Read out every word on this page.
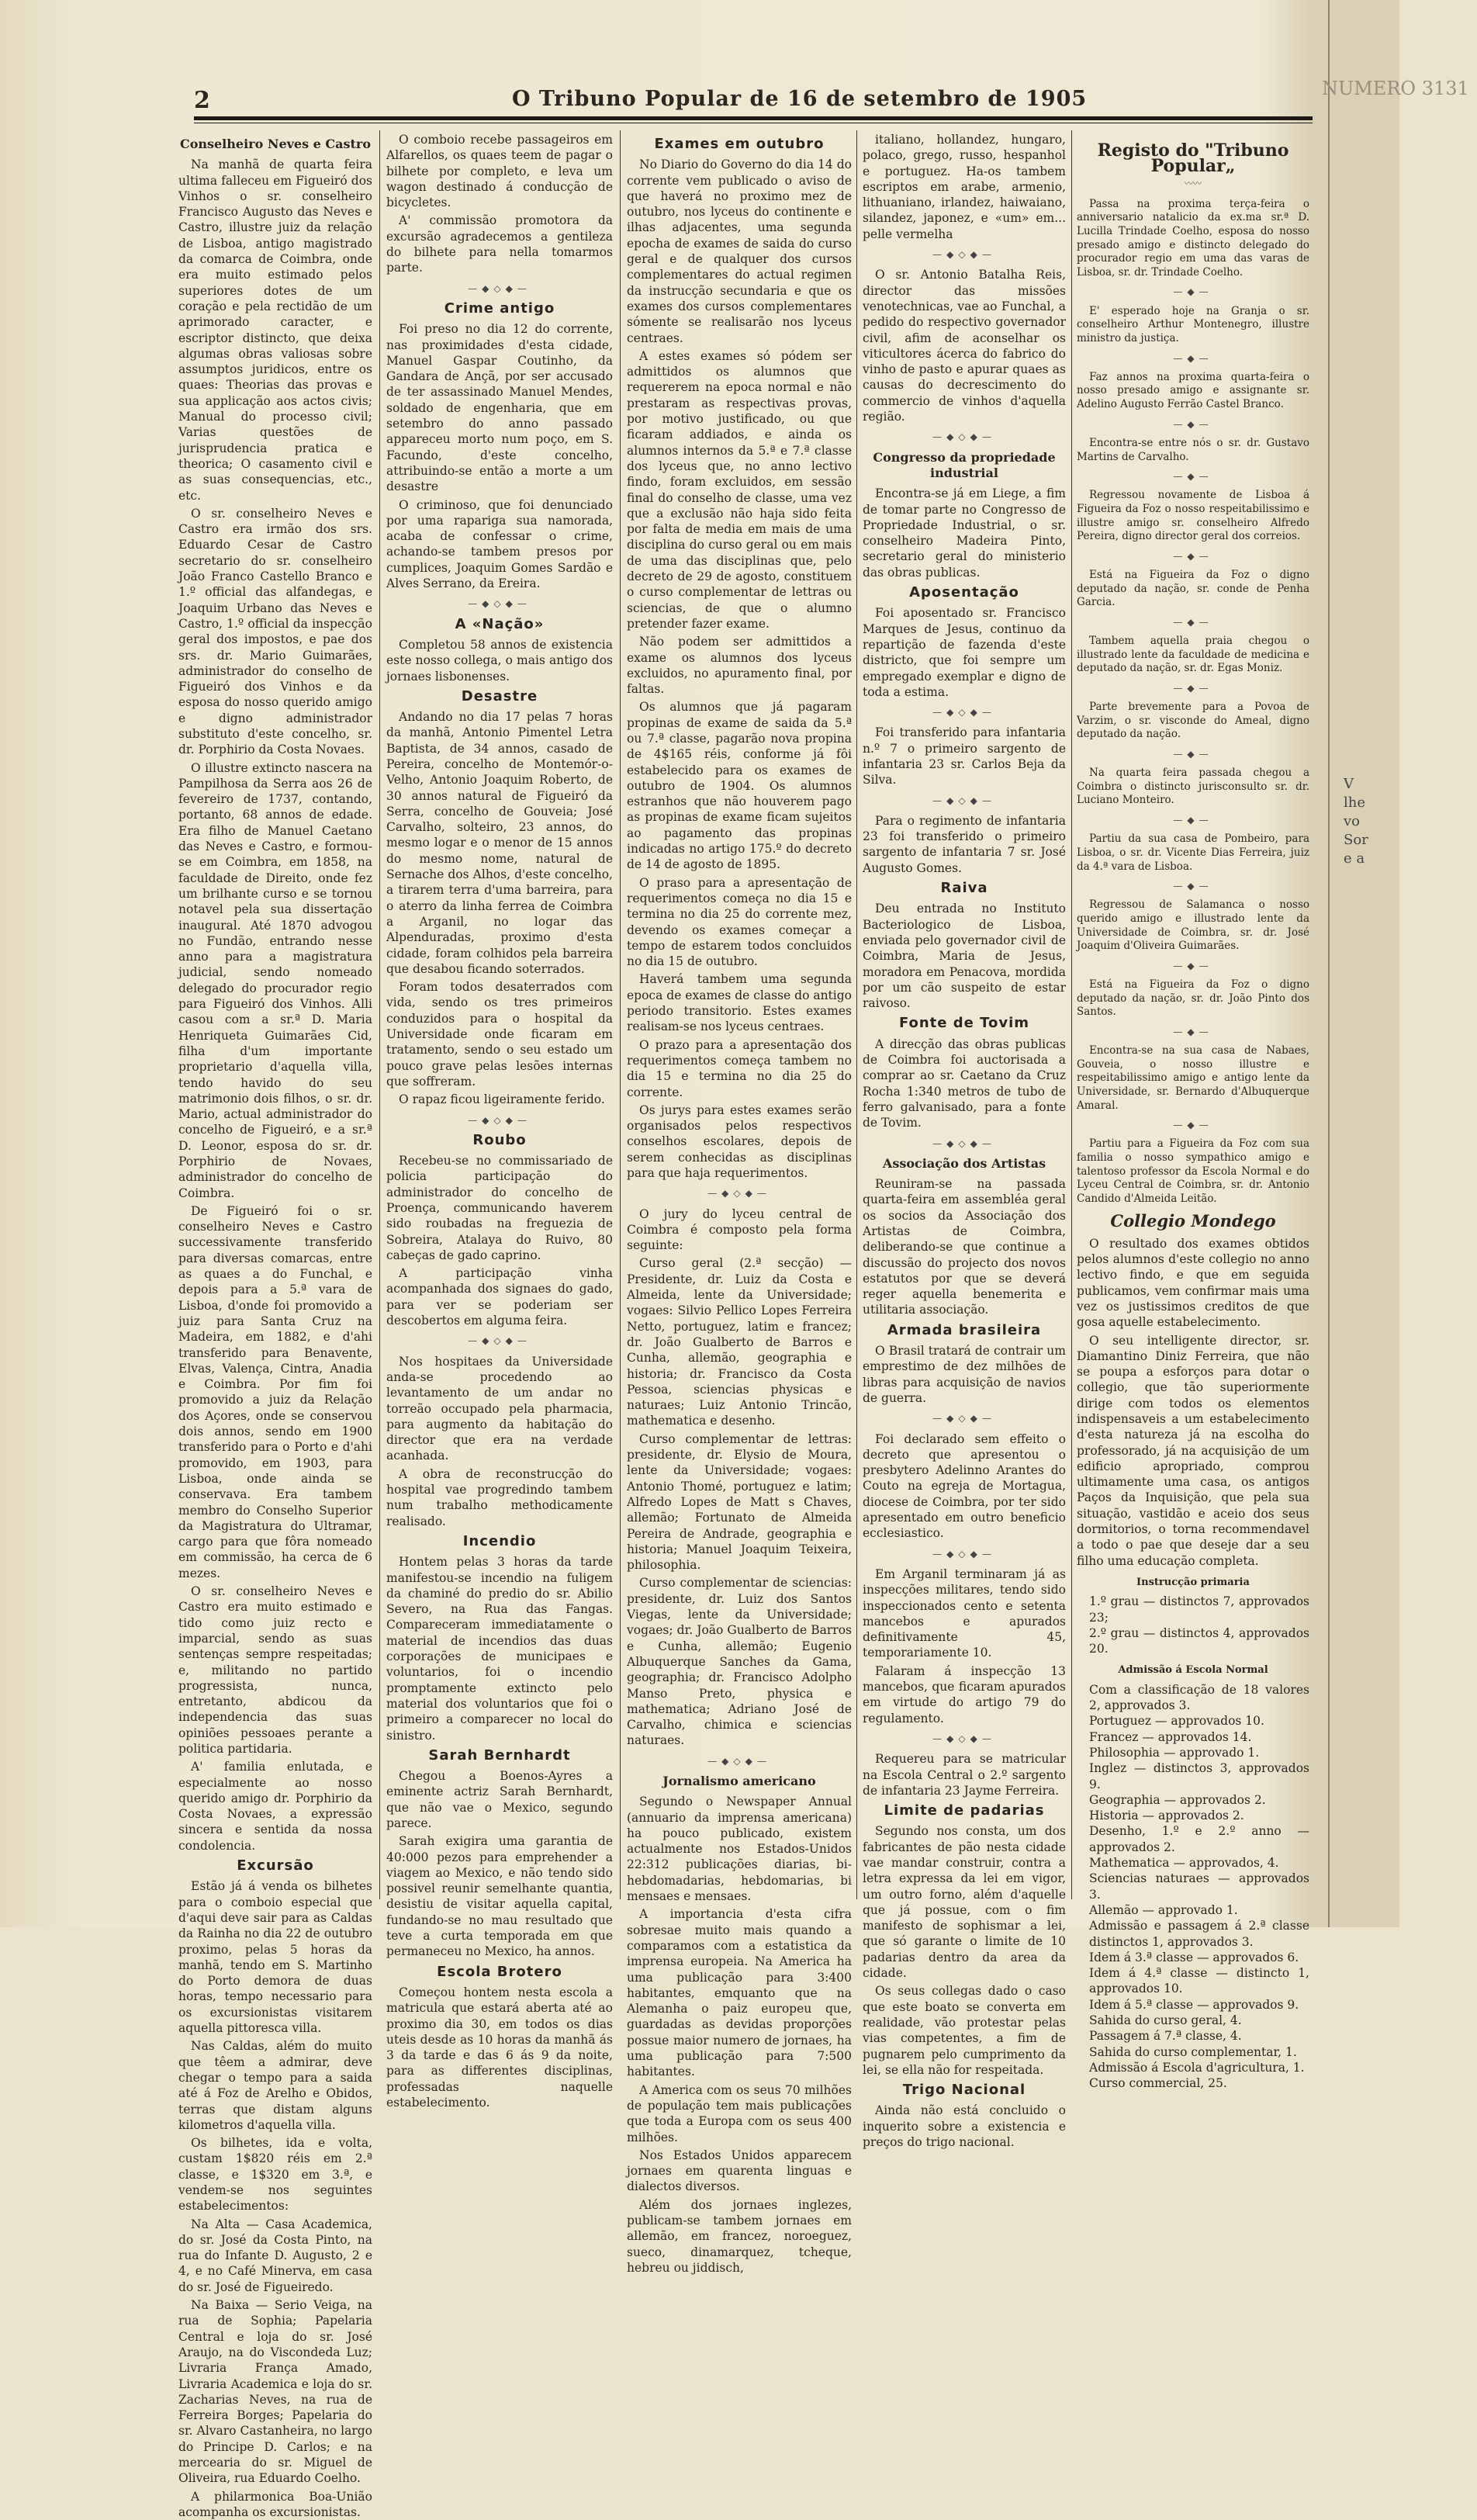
2	O Tribuno Popular de 16 de setembro de 1905
Conselheiro Neves e Castro

Na manhã de quarta feira ultima falleceu em Figueiró dos Vinhos o sr. conselheiro Francisco Augusto das Neves e Castro, illustre juiz da relação de Lisboa, antigo magistrado da comarca de Coimbra, onde era muito estimado pelos superiores dotes de um coração e pela rectidão de um aprimorado caracter, e escriptor distincto, que deixa algumas obras valiosas sobre assumptos juridicos, entre os quaes: Theorias das provas e sua applicação aos actos civis; Manual do processo civil; Varias questões de jurisprudencia pratica e theorica; O casamento civil e as suas consequencias, etc., etc.

O sr. conselheiro Neves e Castro era irmão dos srs. Eduardo Cesar de Castro secretario do sr. conselheiro João Franco Castello Branco e 1.º official das alfandegas, e Joaquim Urbano das Neves e Castro, 1.º official da inspecção geral dos impostos, e pae dos srs. dr. Mario Guimarães, administrador do conselho de Figueiró dos Vinhos e da esposa do nosso querido amigo e digno administrador substituto d'este concelho, sr. dr. Porphirio da Costa Novaes.

O illustre extincto nascera na Pampilhosa da Serra aos 26 de fevereiro de 1737, contando, portanto, 68 annos de edade. Era filho de Manuel Caetano das Neves e Castro, e formou-se em Coimbra, em 1858, na faculdade de Direito, onde fez um brilhante curso e se tornou notavel pela sua dissertação inaugural. Até 1870 advogou no Fundão, entrando nesse anno para a magistratura judicial, sendo nomeado delegado do procurador regio para Figueiró dos Vinhos. Alli casou com a sr.ª D. Maria Henriqueta Guimarães Cid, filha d'um importante proprietario d'aquella villa, tendo havido do seu matrimonio dois filhos, o sr. dr. Mario, actual administrador do concelho de Figueiró, e a sr.ª D. Leonor, esposa do sr. dr. Porphirio de Novaes, administrador do concelho de Coimbra.

De Figueiró foi o sr. conselheiro Neves e Castro successivamente transferido para diversas comarcas, entre as quaes a do Funchal, e depois para a 5.ª vara de Lisboa, d'onde foi promovido a juiz para Santa Cruz na Madeira, em 1882, e d'ahi transferido para Benavente, Elvas, Valença, Cintra, Anadia e Coimbra. Por fim foi promovido a juiz da Relação dos Açores, onde se conservou dois annos, sendo em 1900 transferido para o Porto e d'ahi promovido, em 1903, para Lisboa, onde ainda se conservava. Era tambem membro do Conselho Superior da Magistratura do Ultramar, cargo para que fôra nomeado em commissão, ha cerca de 6 mezes.

O sr. conselheiro Neves e Castro era muito estimado e tido como juiz recto e imparcial, sendo as suas sentenças sempre respeitadas; e, militando no partido progressista, nunca, entretanto, abdicou da independencia das suas opiniões pessoaes perante a politica partidaria.

A' familia enlutada, e especialmente ao nosso querido amigo dr. Porphirio da Costa Novaes, a expressão sincera e sentida da nossa condolencia.

Excursão

Estão já á venda os bilhetes para o comboio especial que d'aqui deve sair para as Caldas da Rainha no dia 22 de outubro proximo, pelas 5 horas da manhã, tendo em S. Martinho do Porto demora de duas horas, tempo necessario para os excursionistas visitarem aquella pittoresca villa.

Nas Caldas, além do muito que têem a admirar, deve chegar o tempo para a saida até á Foz de Arelho e Obidos, terras que distam alguns kilometros d'aquella villa.

Os bilhetes, ida e volta, custam 1$820 réis em 2.ª classe, e 1$320 em 3.ª, e vendem-se nos seguintes estabelecimentos:

Na Alta — Casa Academica, do sr. José da Costa Pinto, na rua do Infante D. Augusto, 2 e 4, e no Café Minerva, em casa do sr. José de Figueiredo.

Na Baixa — Serio Veiga, na rua de Sophia; Papelaria Central e loja do sr. José Araujo, na do Viscondeda Luz; Livraria França Amado, Livraria Academica e loja do sr. Zacharias Neves, na rua de Ferreira Borges; Papelaria do sr. Alvaro Castanheira, no largo do Principe D. Carlos; e na mercearia do sr. Miguel de Oliveira, rua Eduardo Coelho.

A philarmonica Boa-União acompanha os excursionistas.

O comboio recebe passageiros em Alfarellos, os quaes teem de pagar o bilhete por completo, e leva um wagon destinado á conducção de bicycletes.

A' commissão promotora da excursão agradecemos a gentileza do bilhete para nella tomarmos parte.

—◆◇◆—
Crime antigo

Foi preso no dia 12 do corrente, nas proximidades d'esta cidade, Manuel Gaspar Coutinho, da Gandara de Ançã, por ser accusado de ter assassinado Manuel Mendes, soldado de engenharia, que em setembro do anno passado appareceu morto num poço, em S. Facundo, d'este concelho, attribuindo-se então a morte a um desastre

O criminoso, que foi denunciado por uma rapariga sua namorada, acaba de confessar o crime, achando-se tambem presos por cumplices, Joaquim Gomes Sardão e Alves Serrano, da Ereira.

—◆◇◆—
A «Nação»

Completou 58 annos de existencia este nosso collega, o mais antigo dos jornaes lisbonenses.

Desastre

Andando no dia 17 pelas 7 horas da manhã, Antonio Pimentel Letra Baptista, de 34 annos, casado de Pereira, concelho de Montemór-o-Velho, Antonio Joaquim Roberto, de 30 annos natural de Figueiró da Serra, concelho de Gouveia; José Carvalho, solteiro, 23 annos, do mesmo logar e o menor de 15 annos do mesmo nome, natural de Sernache dos Alhos, d'este concelho, a tirarem terra d'uma barreira, para o aterro da linha ferrea de Coimbra a Arganil, no logar das Alpenduradas, proximo d'esta cidade, foram colhidos pela barreira que desabou ficando soterrados.

Foram todos desaterrados com vida, sendo os tres primeiros conduzidos para o hospital da Universidade onde ficaram em tratamento, sendo o seu estado um pouco grave pelas lesões internas que soffreram.

O rapaz ficou ligeiramente ferido.

—◆◇◆—
Roubo

Recebeu-se no commissariado de policia participação do administrador do concelho de Proença, communicando haverem sido roubadas na freguezia de Sobreira, Atalaya do Ruivo, 80 cabeças de gado caprino.

A participação vinha acompanhada dos signaes do gado, para ver se poderiam ser descobertos em alguma feira.

—◆◇◆—

Nos hospitaes da Universidade anda-se procedendo ao levantamento de um andar no torreão occupado pela pharmacia, para augmento da habitação do director que era na verdade acanhada.

A obra de reconstrucção do hospital vae progredindo tambem num trabalho methodicamente realisado.

Incendio

Hontem pelas 3 horas da tarde manifestou-se incendio na fuligem da chaminé do predio do sr. Abilio Severo, na Rua das Fangas. Compareceram immediatamente o material de incendios das duas corporações de municipaes e voluntarios, foi o incendio promptamente extincto pelo material dos voluntarios que foi o primeiro a comparecer no local do sinistro.

Sarah Bernhardt

Chegou a Boenos-Ayres a eminente actriz Sarah Bernhardt, que não vae o Mexico, segundo parece.

Sarah exigira uma garantia de 40:000 pezos para emprehender a viagem ao Mexico, e não tendo sido possivel reunir semelhante quantia, desistiu de visitar aquella capital, fundando-se no mau resultado que teve a curta temporada em que permaneceu no Mexico, ha annos.

Escola Brotero

Começou hontem nesta escola a matricula que estará aberta até ao proximo dia 30, em todos os dias uteis desde as 10 horas da manhã ás 3 da tarde e das 6 ás 9 da noite, para as differentes disciplinas, professadas naquelle estabelecimento.

Exames em outubro

No Diario do Governo do dia 14 do corrente vem publicado o aviso de que haverá no proximo mez de outubro, nos lyceus do continente e ilhas adjacentes, uma segunda epocha de exames de saida do curso geral e de qualquer dos cursos complementares do actual regimen da instrucção secundaria e que os exames dos cursos complementares sómente se realisarão nos lyceus centraes.

A estes exames só pódem ser admittidos os alumnos que requererem na epoca normal e não prestaram as respectivas provas, por motivo justificado, ou que ficaram addiados, e ainda os alumnos internos da 5.ª e 7.ª classe dos lyceus que, no anno lectivo findo, foram excluidos, em sessão final do conselho de classe, uma vez que a exclusão não haja sido feita por falta de media em mais de uma disciplina do curso geral ou em mais de uma das disciplinas que, pelo decreto de 29 de agosto, constituem o curso complementar de lettras ou sciencias, de que o alumno pretender fazer exame.

Não podem ser admittidos a exame os alumnos dos lyceus excluidos, no apuramento final, por faltas.

Os alumnos que já pagaram propinas de exame de saida da 5.ª ou 7.ª classe, pagarão nova propina de 4$165 réis, conforme já fôi estabelecido para os exames de outubro de 1904. Os alumnos estranhos que não houverem pago as propinas de exame ficam sujeitos ao pagamento das propinas indicadas no artigo 175.º do decreto de 14 de agosto de 1895.

O praso para a apresentação de requerimentos começa no dia 15 e termina no dia 25 do corrente mez, devendo os exames começar a tempo de estarem todos concluidos no dia 15 de outubro.

Haverá tambem uma segunda epoca de exames de classe do antigo periodo transitorio. Estes exames realisam-se nos lyceus centraes.

O prazo para a apresentação dos requerimentos começa tambem no dia 15 e termina no dia 25 do corrente.

Os jurys para estes exames serão organisados pelos respectivos conselhos escolares, depois de serem conhecidas as disciplinas para que haja requerimentos.

—◆◇◆—

O jury do lyceu central de Coimbra é composto pela forma seguinte:

Curso geral (2.ª secção) — Presidente, dr. Luiz da Costa e Almeida, lente da Universidade; vogaes: Silvio Pellico Lopes Ferreira Netto, portuguez, latim e francez; dr. João Gualberto de Barros e Cunha, allemão, geographia e historia; dr. Francisco da Costa Pessoa, sciencias physicas e naturaes; Luiz Antonio Trincão, mathematica e desenho.

Curso complementar de lettras: presidente, dr. Elysio de Moura, lente da Universidade; vogaes: Antonio Thomé, portuguez e latim; Alfredo Lopes de Matt s Chaves, allemão; Fortunato de Almeida Pereira de Andrade, geographia e historia; Manuel Joaquim Teixeira, philosophia.

Curso complementar de sciencias: presidente, dr. Luiz dos Santos Viegas, lente da Universidade; vogaes; dr. João Gualberto de Barros e Cunha, allemão; Eugenio Albuquerque Sanches da Gama, geographia; dr. Francisco Adolpho Manso Preto, physica e mathematica; Adriano José de Carvalho, chimica e sciencias naturaes.

—◆◇◆—
Jornalismo americano

Segundo o Newspaper Annual (annuario da imprensa americana) ha pouco publicado, existem actualmente nos Estados-Unidos 22:312 publicações diarias, bi-hebdomadarias, hebdomarias, bi mensaes e mensaes.

A importancia d'esta cifra sobresae muito mais quando a comparamos com a estatistica da imprensa europeia. Na America ha uma publicação para 3:400 habitantes, emquanto que na Alemanha o paiz europeu que, guardadas as devidas proporções possue maior numero de jornaes, ha uma publicação para 7:500 habitantes.

A America com os seus 70 milhões de população tem mais publicações que toda a Europa com os seus 400 milhões.

Nos Estados Unidos apparecem jornaes em quarenta linguas e dialectos diversos.

Além dos jornaes inglezes, publicam-se tambem jornaes em allemão, em francez, noroeguez, sueco, dinamarquez, tcheque, hebreu ou jiddisch,

italiano, hollandez, hungaro, polaco, grego, russo, hespanhol e portuguez. Ha-os tambem escriptos em arabe, armenio, lithuaniano, irlandez, haiwaiano, silandez, japonez, e «um» em... pelle vermelha

—◆◇◆—

O sr. Antonio Batalha Reis, director das missões venotechnicas, vae ao Funchal, a pedido do respectivo governador civil, afim de aconselhar os viticultores ácerca do fabrico do vinho de pasto e apurar quaes as causas do decrescimento do commercio de vinhos d'aquella região.

—◆◇◆—
Congresso da propriedade industrial

Encontra-se já em Liege, a fim de tomar parte no Congresso de Propriedade Industrial, o sr. conselheiro Madeira Pinto, secretario geral do ministerio das obras publicas.

Aposentação

Foi aposentado sr. Francisco Marques de Jesus, continuo da repartição de fazenda d'este districto, que foi sempre um empregado exemplar e digno de toda a estima.

—◆◇◆—

Foi transferido para infantaria n.º 7 o primeiro sargento de infantaria 23 sr. Carlos Beja da Silva.

—◆◇◆—

Para o regimento de infantaria 23 foi transferido o primeiro sargento de infantaria 7 sr. José Augusto Gomes.

Raiva

Deu entrada no Instituto Bacteriologico de Lisboa, enviada pelo governador civil de Coimbra, Maria de Jesus, moradora em Penacova, mordida por um cão suspeito de estar raivoso.

Fonte de Tovim

A direcção das obras publicas de Coimbra foi auctorisada a comprar ao sr. Caetano da Cruz Rocha 1:340 metros de tubo de ferro galvanisado, para a fonte de Tovim.

—◆◇◆—
Associação dos Artistas

Reuniram-se na passada quarta-feira em assembléa geral os socios da Associação dos Artistas de Coimbra, deliberando-se que continue a discussão do projecto dos novos estatutos por que se deverá reger aquella benemerita e utilitaria associação.

Armada brasileira

O Brasil tratará de contrair um emprestimo de dez milhões de libras para acquisição de navios de guerra.

—◆◇◆—

Foi declarado sem effeito o decreto que apresentou o presbytero Adelinno Arantes do Couto na egreja de Mortagua, diocese de Coimbra, por ter sido apresentado em outro beneficio ecclesiastico.

—◆◇◆—

Em Arganil terminaram já as inspecções militares, tendo sido inspeccionados cento e setenta mancebos e apurados definitivamente 45, temporariamente 10.

Falaram á inspecção 13 mancebos, que ficaram apurados em virtude do artigo 79 do regulamento.

—◆◇◆—

Requereu para se matricular na Escola Central o 2.º sargento de infantaria 23 Jayme Ferreira.

Limite de padarias

Segundo nos consta, um dos fabricantes de pão nesta cidade vae mandar construir, contra a letra expressa da lei em vigor, um outro forno, além d'aquelle que já possue, com o fim manifesto de sophismar a lei, que só garante o limite de 10 padarias dentro da area da cidade.

Os seus collegas dado o caso que este boato se converta em realidade, vão protestar pelas vias competentes, a fim de pugnarem pelo cumprimento da lei, se ella não for respeitada.

Trigo Nacional

Ainda não está concluido o inquerito sobre a existencia e preços do trigo nacional.

Registo do "Tribuno Popular„
〰〰

Passa na proxima terça-feira o anniversario natalicio da ex.ma sr.ª D. Lucilla Trindade Coelho, esposa do nosso presado amigo e distincto delegado do procurador regio em uma das varas de Lisboa, sr. dr. Trindade Coelho.

—◆—

E' esperado hoje na Granja o sr. conselheiro Arthur Montenegro, illustre ministro da justiça.

—◆—

Faz annos na proxima quarta-feira o nosso presado amigo e assignante sr. Adelino Augusto Ferrão Castel Branco.

—◆—

Encontra-se entre nós o sr. dr. Gustavo Martins de Carvalho.

—◆—

Regressou novamente de Lisboa á Figueira da Foz o nosso respeitabilissimo e illustre amigo sr. conselheiro Alfredo Pereira, digno director geral dos correios.

—◆—

Está na Figueira da Foz o digno deputado da nação, sr. conde de Penha Garcia.

—◆—

Tambem aquella praia chegou o illustrado lente da faculdade de medicina e deputado da nação, sr. dr. Egas Moniz.

—◆—

Parte brevemente para a Povoa de Varzim, o sr. visconde do Ameal, digno deputado da nação.

—◆—

Na quarta feira passada chegou a Coimbra o distincto jurisconsulto sr. dr. Luciano Monteiro.

—◆—

Partiu da sua casa de Pombeiro, para Lisboa, o sr. dr. Vicente Dias Ferreira, juiz da 4.ª vara de Lisboa.

—◆—

Regressou de Salamanca o nosso querido amigo e illustrado lente da Universidade de Coimbra, sr. dr. José Joaquim d'Oliveira Guimarães.

—◆—

Está na Figueira da Foz o digno deputado da nação, sr. dr. João Pinto dos Santos.

—◆—

Encontra-se na sua casa de Nabaes, Gouveia, o nosso illustre e respeitabilissimo amigo e antigo lente da Universidade, sr. Bernardo d'Albuquerque Amaral.

—◆—

Partiu para a Figueira da Foz com sua familia o nosso sympathico amigo e talentoso professor da Escola Normal e do Lyceu Central de Coimbra, sr. dr. Antonio Candido d'Almeida Leitão.

Collegio Mondego

O resultado dos exames obtidos pelos alumnos d'este collegio no anno lectivo findo, e que em seguida publicamos, vem confirmar mais uma vez os justissimos creditos de que gosa aquelle estabelecimento.

O seu intelligente director, sr. Diamantino Diniz Ferreira, que não se poupa a esforços para dotar o collegio, que tão superiormente dirige com todos os elementos indispensaveis a um estabelecimento d'esta natureza já na escolha do professorado, já na acquisição de um edificio apropriado, comprou ultimamente uma casa, os antigos Paços da Inquisição, que pela sua situação, vastidão e aceio dos seus dormitorios, o torna recommendavel a todo o pae que deseje dar a seu filho uma educação completa.

Instrucção primaria

1.º grau — distinctos 7, approvados 23;

2.º grau — distinctos 4, approvados 20.

Admissão á Escola Normal

Com a classificação de 18 valores 2, approvados 3.

Portuguez — approvados 10.

Francez — approvados 14.

Philosophia — approvado 1.

Inglez — distinctos 3, approvados 9.

Geographia — approvados 2.

Historia — approvados 2.

Desenho, 1.º e 2.º anno — approvados 2.

Mathematica — approvados, 4.

Sciencias naturaes — approvados 3.

Allemão — approvado 1.

Admissão e passagem á 2.ª classe distinctos 1, approvados 3.

Idem á 3.ª classe — approvados 6.

Idem á 4.ª classe — distincto 1, approvados 10.

Idem á 5.ª classe — approvados 9.

Sahida do curso geral, 4.

Passagem á 7.ª classe, 4.

Sahida do curso complementar, 1.

Admissão á Escola d'agricultura, 1.

Curso commercial, 25.

NUMERO 3131
V
lhe
vo
Sor
e a
